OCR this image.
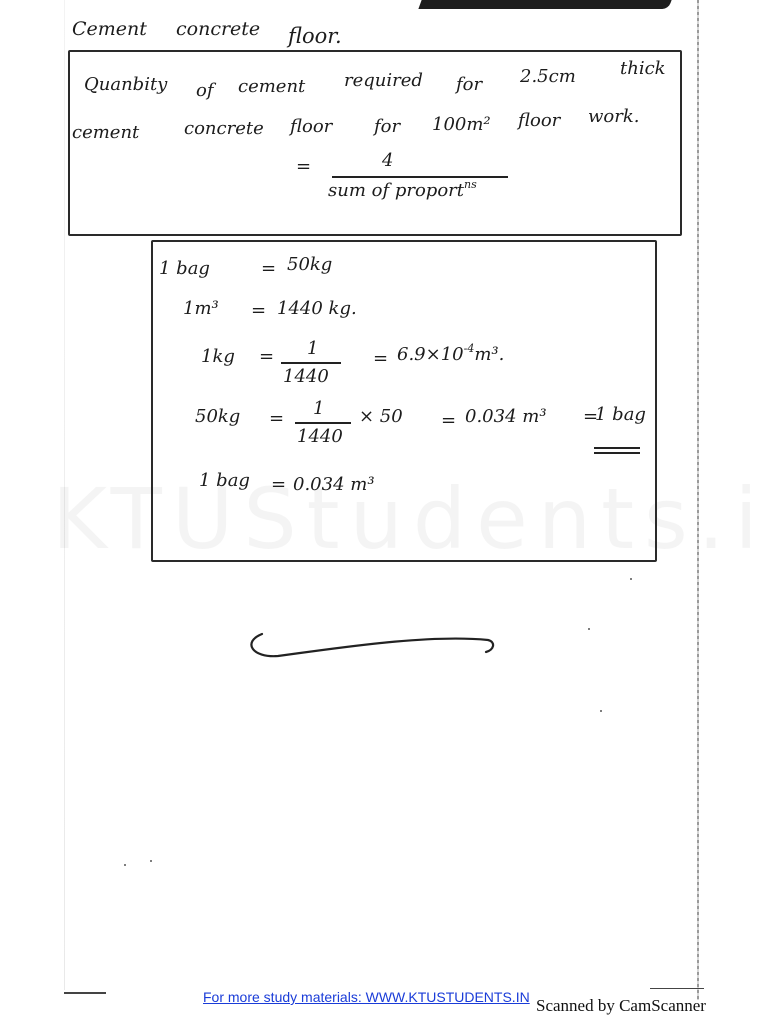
Cement concrete floor.
Quanbity of cement required for 2.5cm thick
cement concrete floor for 100m² floor work.
=	4
sum of proport$^{ns}$
1 bag	= 50kg
1m³ = 1440 kg.
1kg = 1
1440
= $6.9\times 10^{-4}m^3$.
50kg = 1
1440
× 50 = 0.034 m³ =
1 bag
1 bag = 0.034 m³
For more study materials: WWW.KTUSTUDENTS.IN Scanned by CamScanner
